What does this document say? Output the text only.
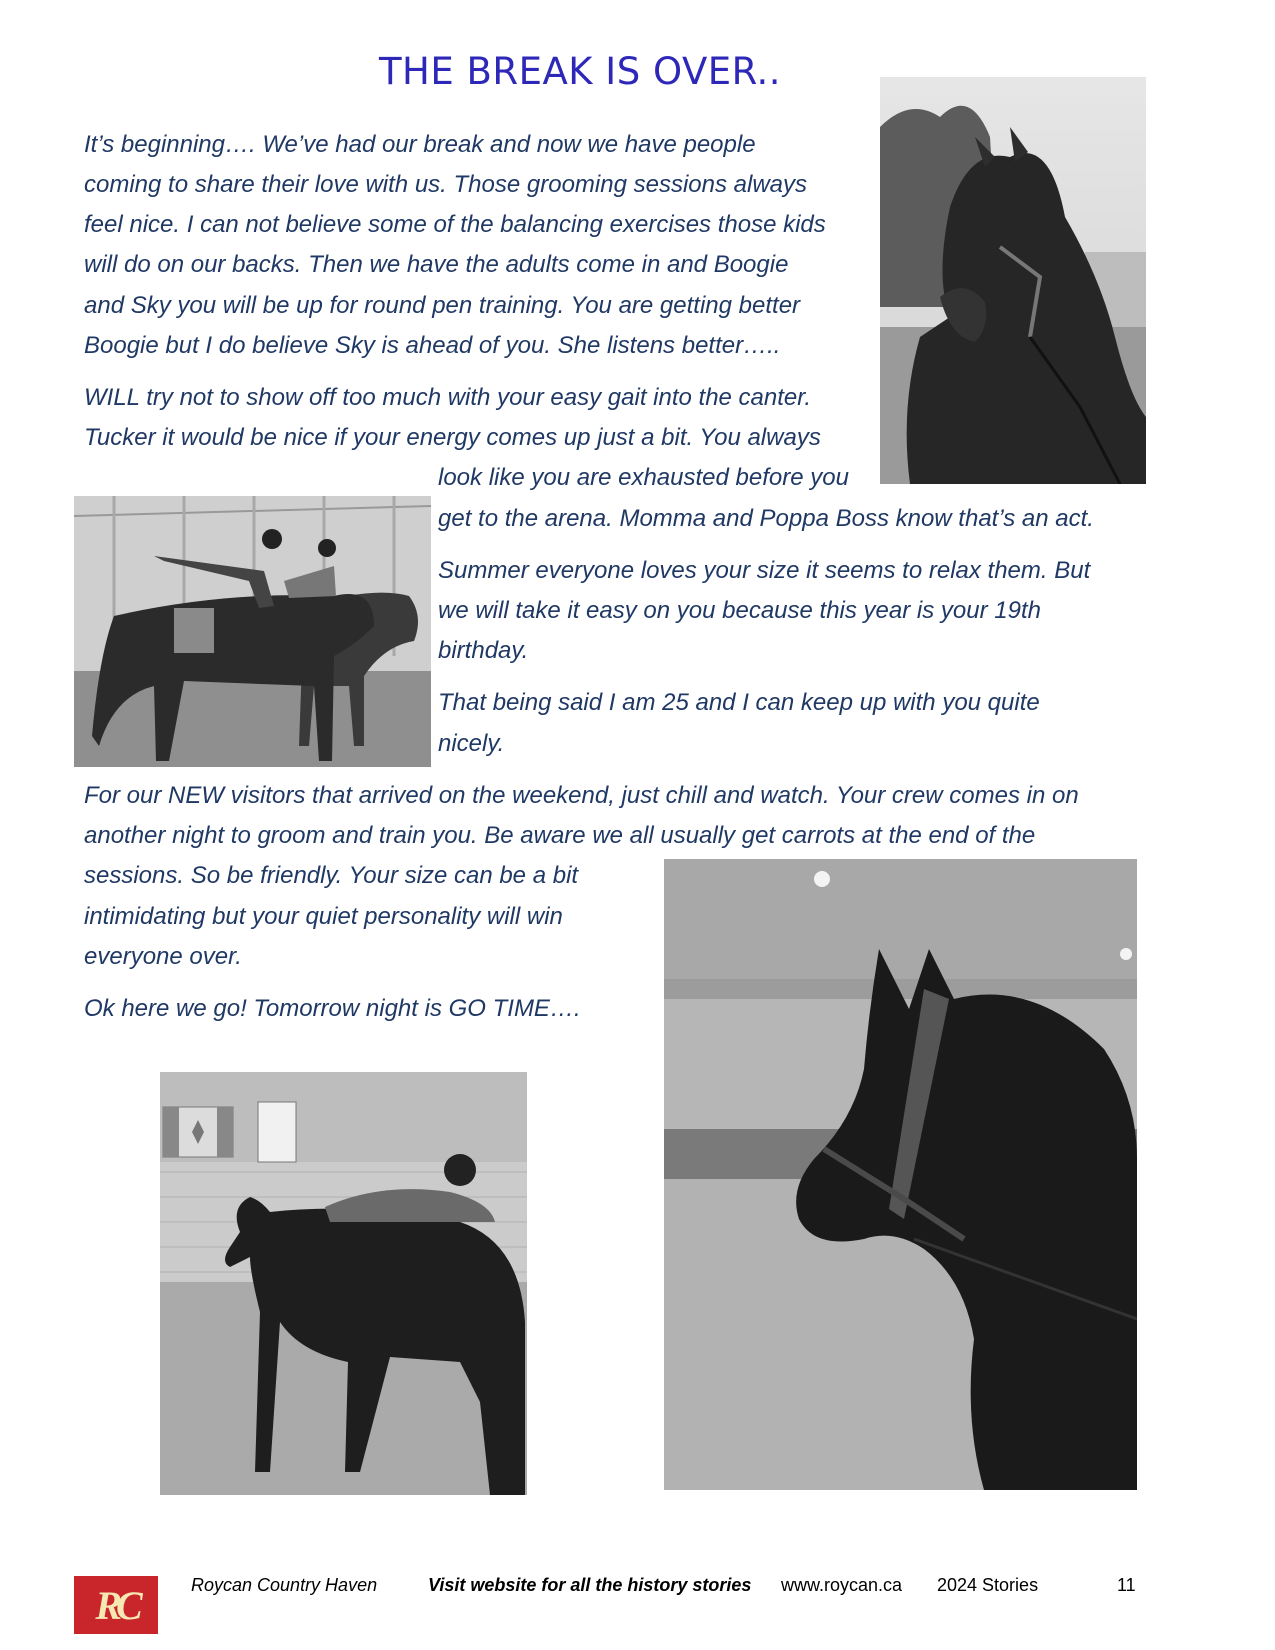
THE BREAK IS OVER..
It’s beginning…. We’ve had our break and now we have people
coming to share their love with us. Those grooming sessions always
feel nice. I can not believe some of the balancing exercises those kids
will do on our backs. Then we have the adults come in and Boogie
and Sky you will be up for round pen training. You are getting better
Boogie but I do believe Sky is ahead of you. She listens better…..
WILL try not to show off too much with your easy gait into the canter.
Tucker it would be nice if your energy comes up just a bit. You always
look like you are exhausted before you
get to the arena. Momma and Poppa Boss know that’s an act.
Summer everyone loves your size it seems to relax them. But
we will take it easy on you because this year is your 19th
birthday.
That being said I am 25 and I can keep up with you quite
nicely.
For our NEW visitors that arrived on the weekend, just chill and watch. Your crew comes in on
another night to groom and train you. Be aware we all usually get carrots at the end of the
sessions. So be friendly. Your size can be a bit
intimidating but your quiet personality will win
everyone over.
Ok here we go! Tomorrow night is GO TIME….
RC	Roycan Country Haven	Visit website for all the history stories www.roycan.ca 2024 Stories	11
